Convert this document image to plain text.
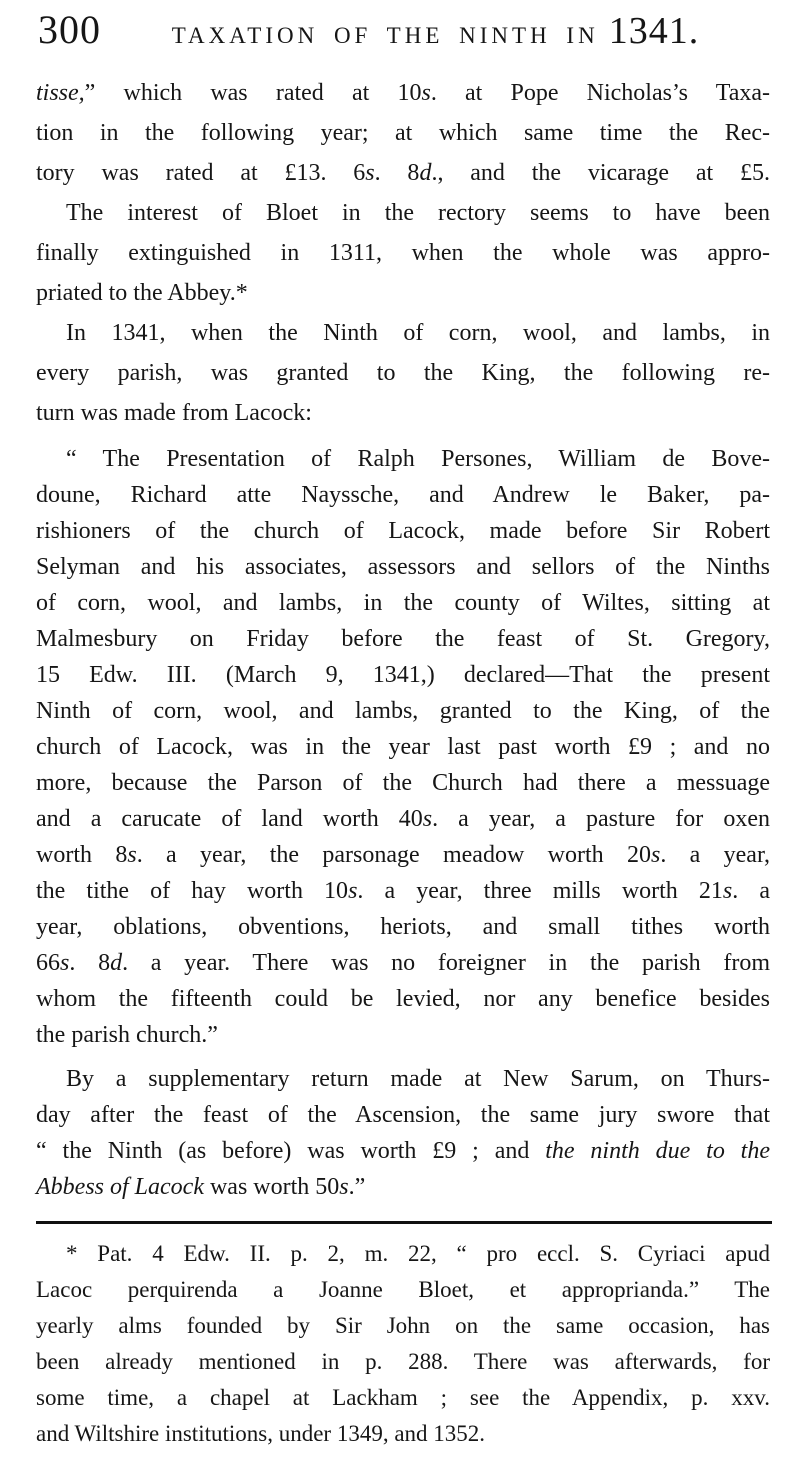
300	TAXATION OF THE NINTH IN 1341.
tisse,” which was rated at 10s. at Pope Nicholas’s Taxa-
tion in the following year; at which same time the Rec-
tory was rated at £13. 6s. 8d., and the vicarage at £5.
The interest of Bloet in the rectory seems to have been
finally extinguished in 1311, when the whole was appro-
priated to the Abbey.*
In 1341, when the Ninth of corn, wool, and lambs, in
every parish, was granted to the King, the following re-
turn was made from Lacock:
“ The Presentation of Ralph Persones, William de Bove-
doune, Richard atte Nayssche, and Andrew le Baker, pa-
rishioners of the church of Lacock, made before Sir Robert
Selyman and his associates, assessors and sellors of the Ninths
of corn, wool, and lambs, in the county of Wiltes, sitting at
Malmesbury on Friday before the feast of St. Gregory,
15 Edw. III. (March 9, 1341,) declared—That the present
Ninth of corn, wool, and lambs, granted to the King, of the
church of Lacock, was in the year last past worth £9 ; and no
more, because the Parson of the Church had there a messuage
and a carucate of land worth 40s. a year, a pasture for oxen
worth 8s. a year, the parsonage meadow worth 20s. a year,
the tithe of hay worth 10s. a year, three mills worth 21s. a
year, oblations, obventions, heriots, and small tithes worth
66s. 8d. a year. There was no foreigner in the parish from
whom the fifteenth could be levied, nor any benefice besides
the parish church.”
By a supplementary return made at New Sarum, on Thurs-
day after the feast of the Ascension, the same jury swore that
“ the Ninth (as before) was worth £9 ; and the ninth due to the
Abbess of Lacock was worth 50s.”
* Pat. 4 Edw. II. p. 2, m. 22, “ pro eccl. S. Cyriaci apud
Lacoc perquirenda a Joanne Bloet, et approprianda.” The
yearly alms founded by Sir John on the same occasion, has
been already mentioned in p. 288. There was afterwards, for
some time, a chapel at Lackham ; see the Appendix, p. xxv.
and Wiltshire institutions, under 1349, and 1352.
